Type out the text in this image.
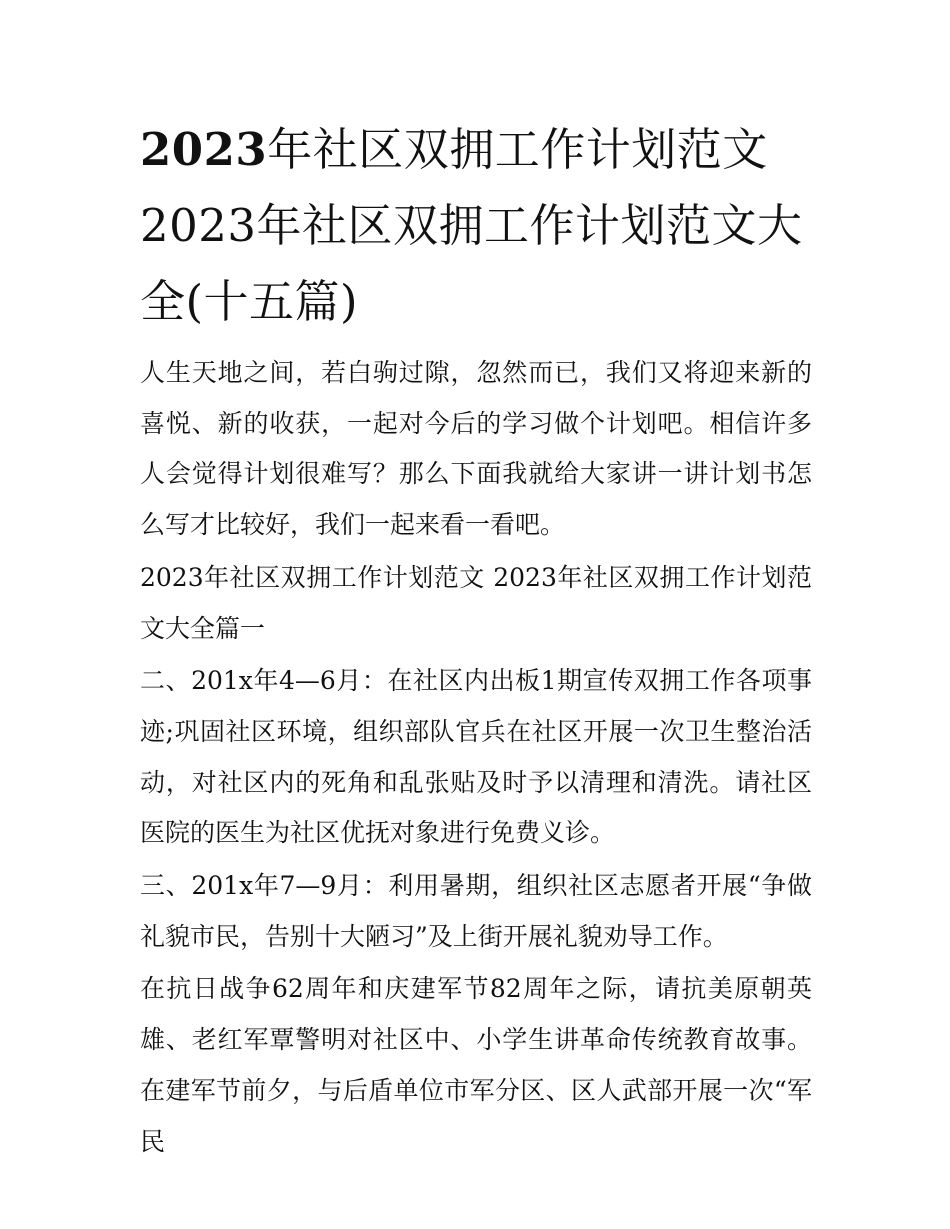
2023年社区双拥工作计划范文 2023年社区双拥工作计划范文大全(十五篇)

人生天地之间，若白驹过隙，忽然而已，我们又将迎来新的喜悦、新的收获，一起对今后的学习做个计划吧。相信许多人会觉得计划很难写？那么下面我就给大家讲一讲计划书怎么写才比较好，我们一起来看一看吧。

2023年社区双拥工作计划范文 2023年社区双拥工作计划范文大全篇一

二、201x年4—6月：在社区内出板1期宣传双拥工作各项事迹;巩固社区环境，组织部队官兵在社区开展一次卫生整治活动，对社区内的死角和乱张贴及时予以清理和清洗。请社区医院的医生为社区优抚对象进行免费义诊。

三、201x年7—9月：利用暑期，组织社区志愿者开展“争做礼貌市民，告别十大陋习”及上街开展礼貌劝导工作。

在抗日战争62周年和庆建军节82周年之际，请抗美原朝英雄、老红军覃警明对社区中、小学生讲革命传统教育故事。在建军节前夕，与后盾单位市军分区、区人武部开展一次“军民
